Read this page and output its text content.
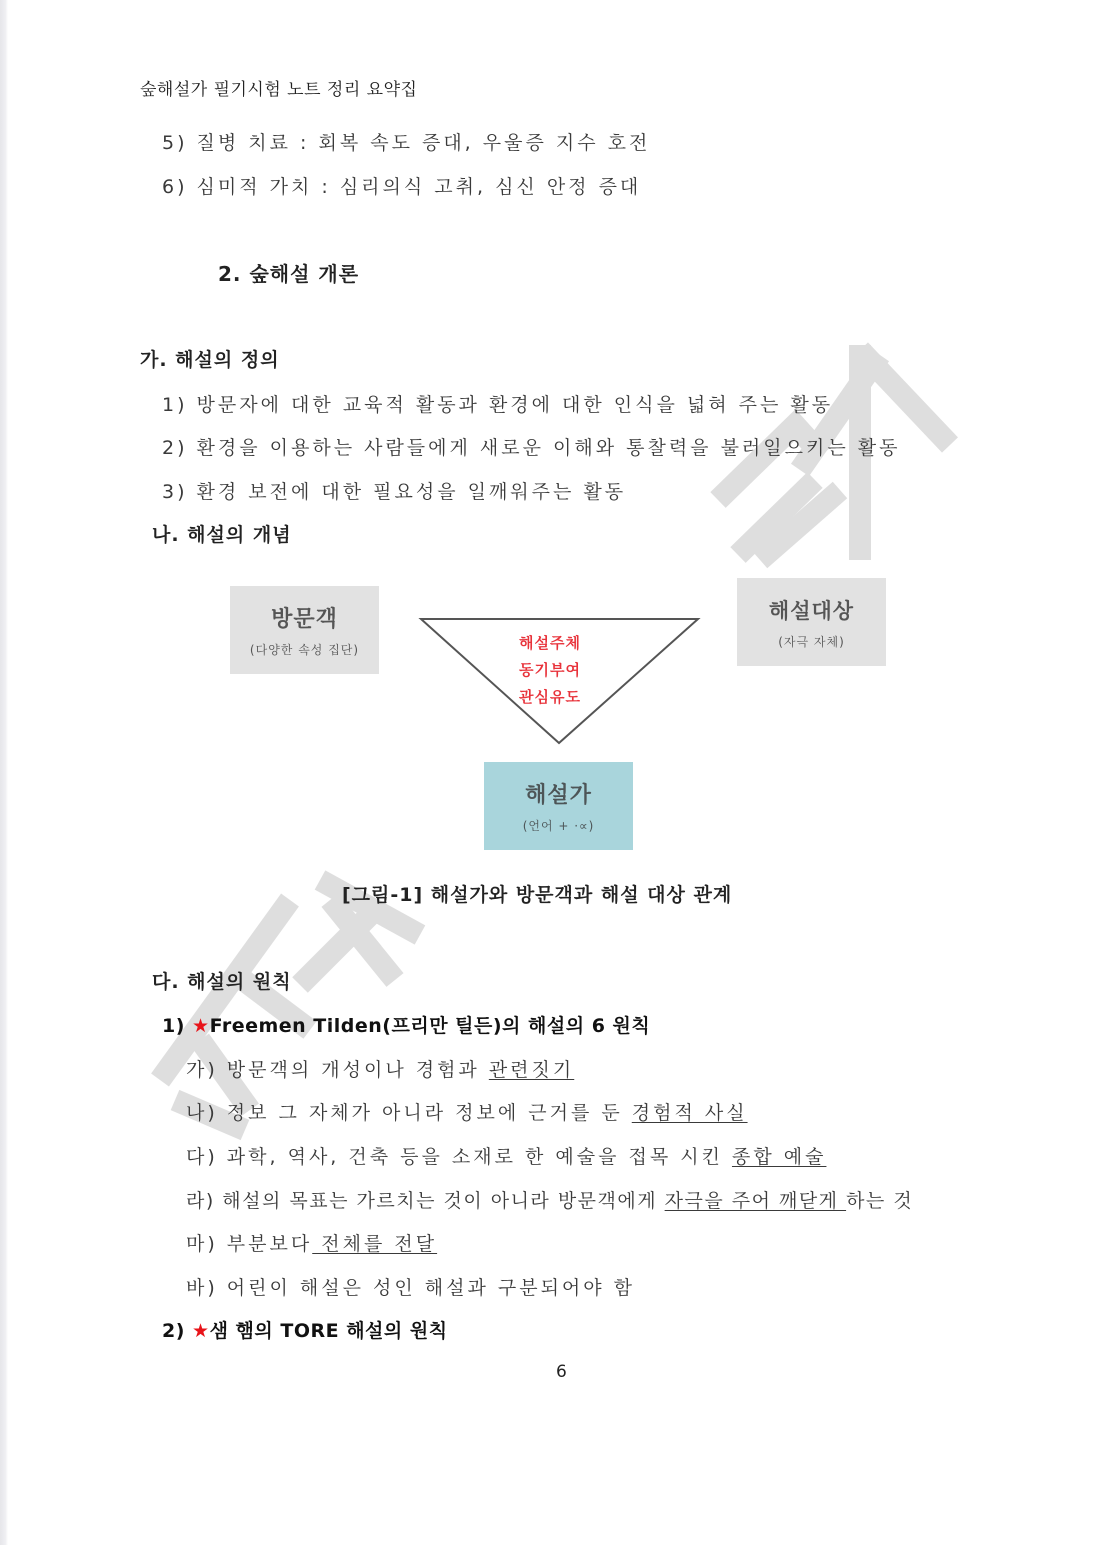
숲해설가 필기시험 노트 정리 요약집
5) 질병 치료 : 회복 속도 증대, 우울증 지수 호전
6) 심미적 가치 : 심리의식 고취, 심신 안정 증대
2. 숲해설 개론
가. 해설의 정의
1) 방문자에 대한 교육적 활동과 환경에 대한 인식을 넓혀 주는 활동
2) 환경을 이용하는 사람들에게 새로운 이해와 통찰력을 불러일으키는 활동
3) 환경 보전에 대한 필요성을 일깨워주는 활동
나. 해설의 개념
방문객
(다양한 속성 집단)
해설대상
(자극 자체)
해설주체
동기부여
관심유도
해설가
(언어 + ·∝)
[그림-1] 해설가와 방문객과 해설 대상 관계
다. 해설의 원칙
1) ★Freemen Tilden(프리만 틸든)의 해설의 6 원칙
가) 방문객의 개성이나 경험과 관련짓기
나) 정보 그 자체가 아니라 정보에 근거를 둔 경험적 사실
다) 과학, 역사, 건축 등을 소재로 한 예술을 접목 시킨 종합 예술
라) 해설의 목표는 가르치는 것이 아니라 방문객에게 자극을 주어 깨닫게 하는 것
마) 부분보다 전체를 전달
바) 어린이 해설은 성인 해설과 구분되어야 함
2) ★샘 햄의 TORE 해설의 원칙
6
